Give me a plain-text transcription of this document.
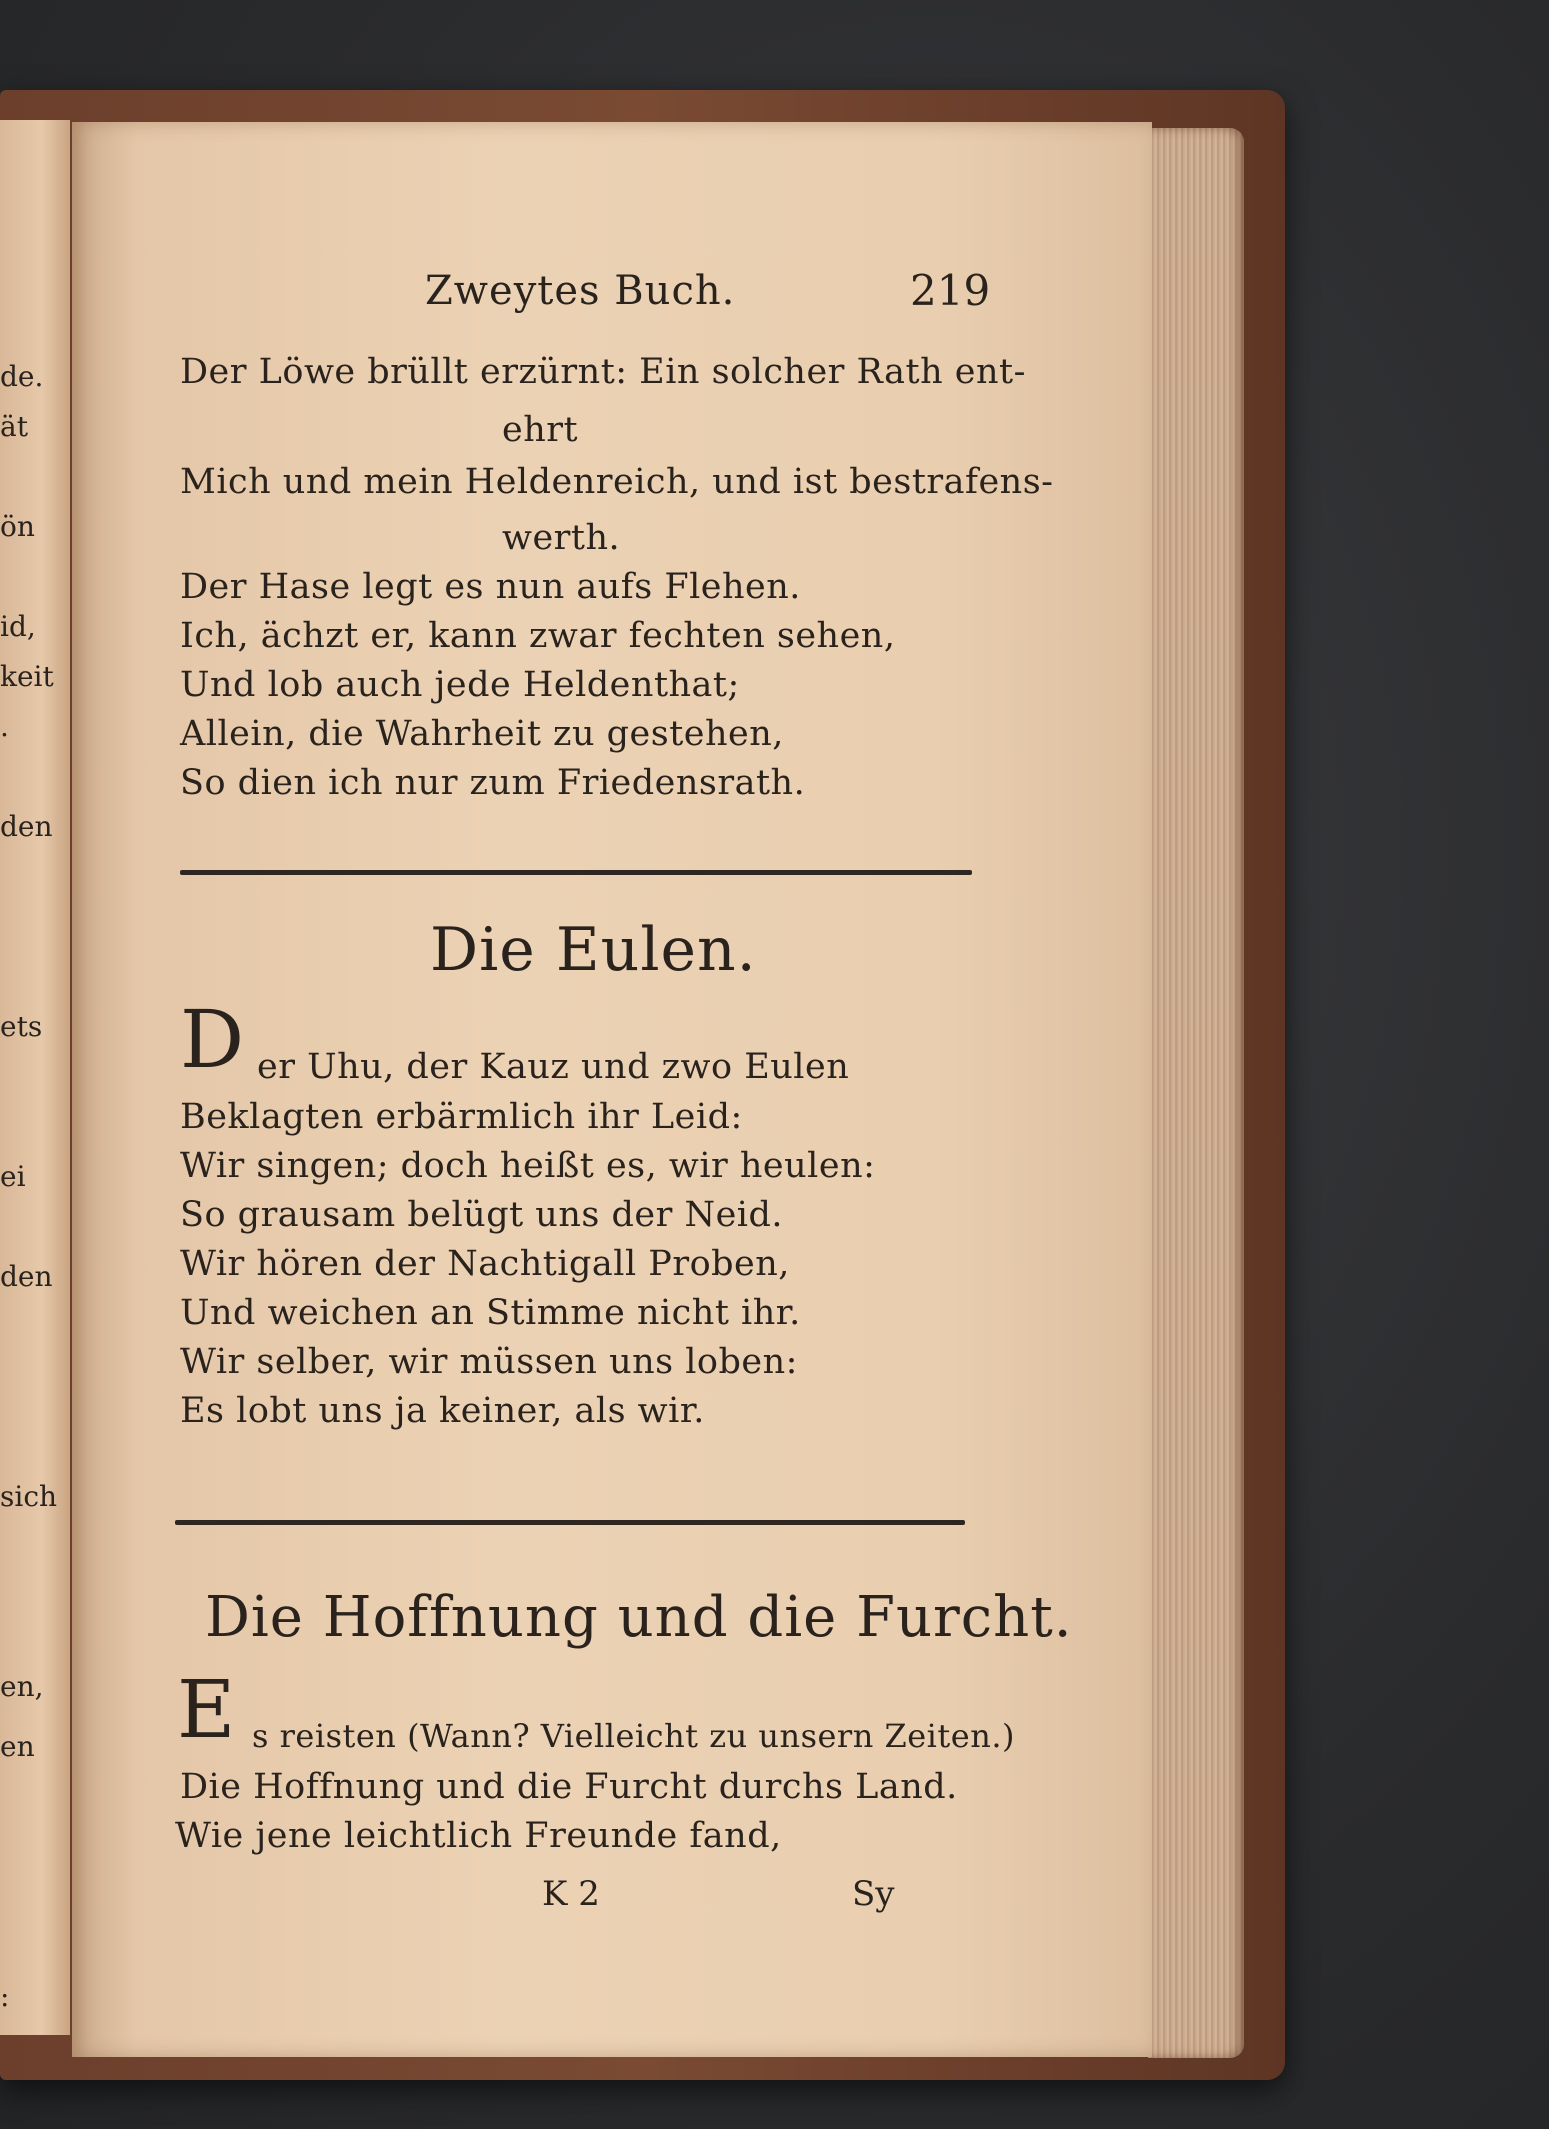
de.
ät
ön
id,
keit
.
den
ets
ei
den
sich
en,
en
:
Zweytes Buch.	219
Der Löwe brüllt erzürnt: Ein solcher Rath ent-
ehrt
Mich und mein Heldenreich, und ist bestrafens-
werth.
Der Hase legt es nun aufs Flehen.
Ich, ächzt er, kann zwar fechten sehen,
Und lob auch jede Heldenthat;
Allein, die Wahrheit zu gestehen,
So dien ich nur zum Friedensrath.
Die Eulen.
D er Uhu, der Kauz und zwo Eulen
Beklagten erbärmlich ihr Leid:
Wir singen; doch heißt es, wir heulen:
So grausam belügt uns der Neid.
Wir hören der Nachtigall Proben,
Und weichen an Stimme nicht ihr.
Wir selber, wir müssen uns loben:
Es lobt uns ja keiner, als wir.
Die Hoffnung und die Furcht.
E s reisten (Wann? Vielleicht zu unsern Zeiten.)
Die Hoffnung und die Furcht durchs Land.
Wie jene leichtlich Freunde fand,
K 2	Sy
